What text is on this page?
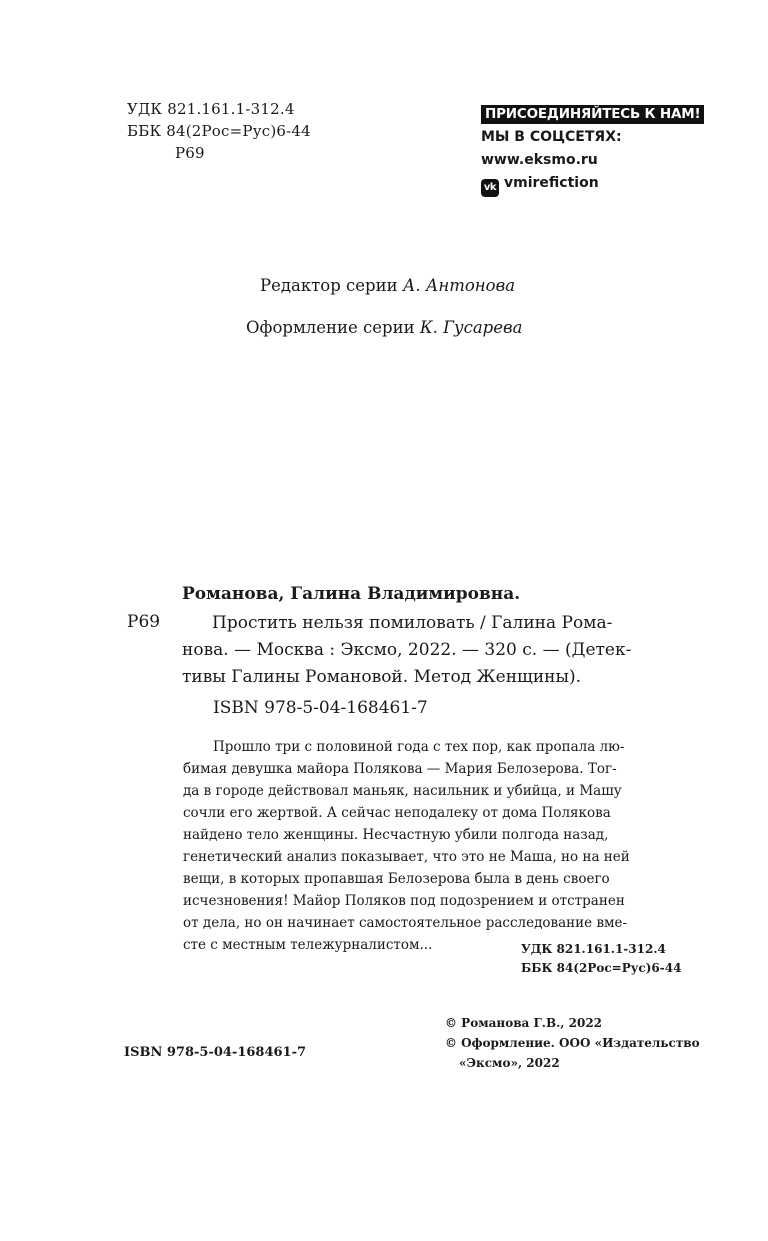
УДК 821.161.1-312.4
ББК 84(2Рос=Рус)6-44
Р69
ПРИСОЕДИНЯЙТЕСЬ К НАМ!
МЫ В СОЦСЕТЯХ:
www.eksmo.ru
vk vmirefiction
Редактор серии А. Антонова
Оформление серии К. Гусарева
Романова, Галина Владимировна.
Р69	Простить нельзя помиловать / Галина Рома-
нова. — Москва : Эксмо, 2022. — 320 с. — (Детек-
тивы Галины Романовой. Метод Женщины).
ISBN 978-5-04-168461-7
Прошло три с половиной года с тех пор, как пропала лю-
бимая девушка майора Полякова — Мария Белозерова. Тог-
да в городе действовал маньяк, насильник и убийца, и Машу
сочли его жертвой. А сейчас неподалеку от дома Полякова
найдено тело женщины. Несчастную убили полгода назад,
генетический анализ показывает, что это не Маша, но на ней
вещи, в которых пропавшая Белозерова была в день своего
исчезновения! Майор Поляков под подозрением и отстранен
от дела, но он начинает самостоятельное расследование вме-
сте с местным тележурналистом...	УДК 821.161.1-312.4
ББК 84(2Рос=Рус)6-44
© Романова Г.В., 2022
© Оформление. ООО «Издательство
«Эксмо», 2022
ISBN 978-5-04-168461-7
